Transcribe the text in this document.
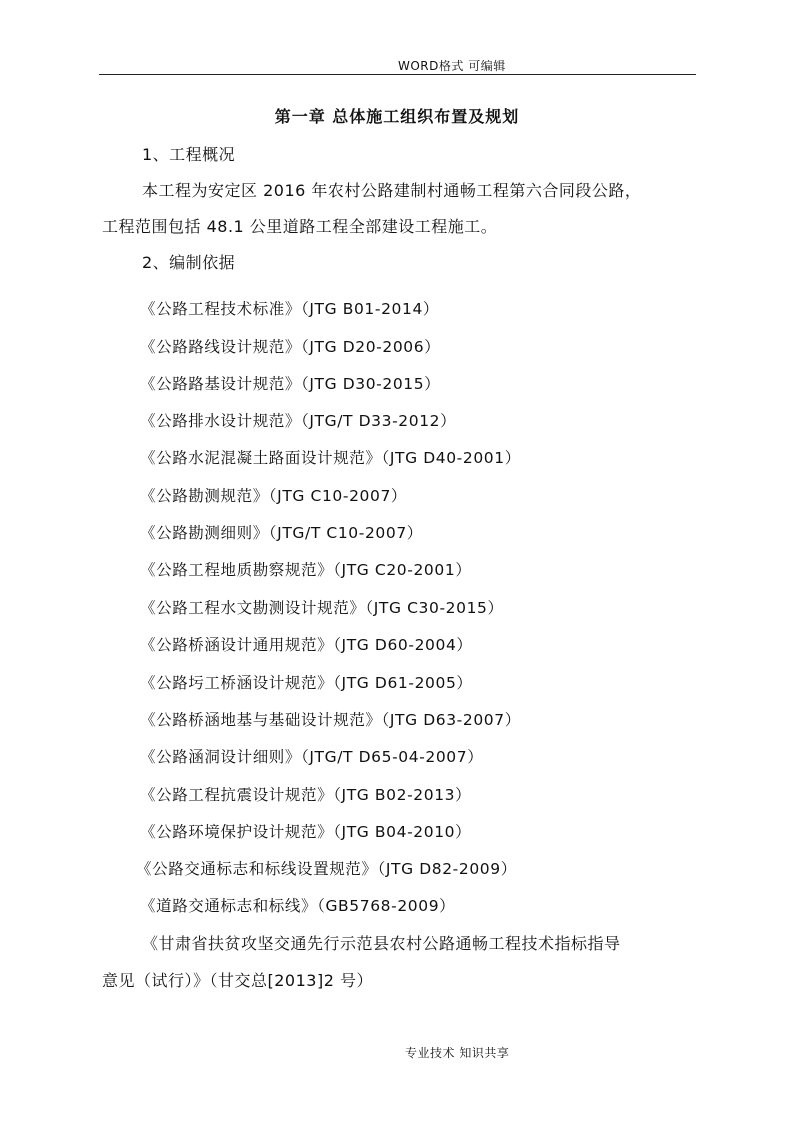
WORD格式 可编辑
第一章 总体施工组织布置及规划
1、工程概况
本工程为安定区 2016 年农村公路建制村通畅工程第六合同段公路，
工程范围包括 48.1 公里道路工程全部建设工程施工。
2、编制依据
《公路工程技术标准》（JTG B01-2014）
《公路路线设计规范》（JTG D20-2006）
《公路路基设计规范》（JTG D30-2015）
《公路排水设计规范》（JTG/T D33-2012）
《公路水泥混凝土路面设计规范》（JTG D40-2001）
《公路勘测规范》（JTG C10-2007）
《公路勘测细则》（JTG/T C10-2007）
《公路工程地质勘察规范》（JTG C20-2001）
《公路工程水文勘测设计规范》（JTG C30-2015）
《公路桥涵设计通用规范》（JTG D60-2004）
《公路圬工桥涵设计规范》（JTG D61-2005）
《公路桥涵地基与基础设计规范》（JTG D63-2007）
《公路涵洞设计细则》（JTG/T D65-04-2007）
《公路工程抗震设计规范》（JTG B02-2013）
《公路环境保护设计规范》（JTG B04-2010）
《公路交通标志和标线设置规范》（JTG D82-2009）
《道路交通标志和标线》（GB5768-2009）
《甘肃省扶贫攻坚交通先行示范县农村公路通畅工程技术指标指导
意见（试行）》（甘交总[2013]2 号）
专业技术 知识共享
